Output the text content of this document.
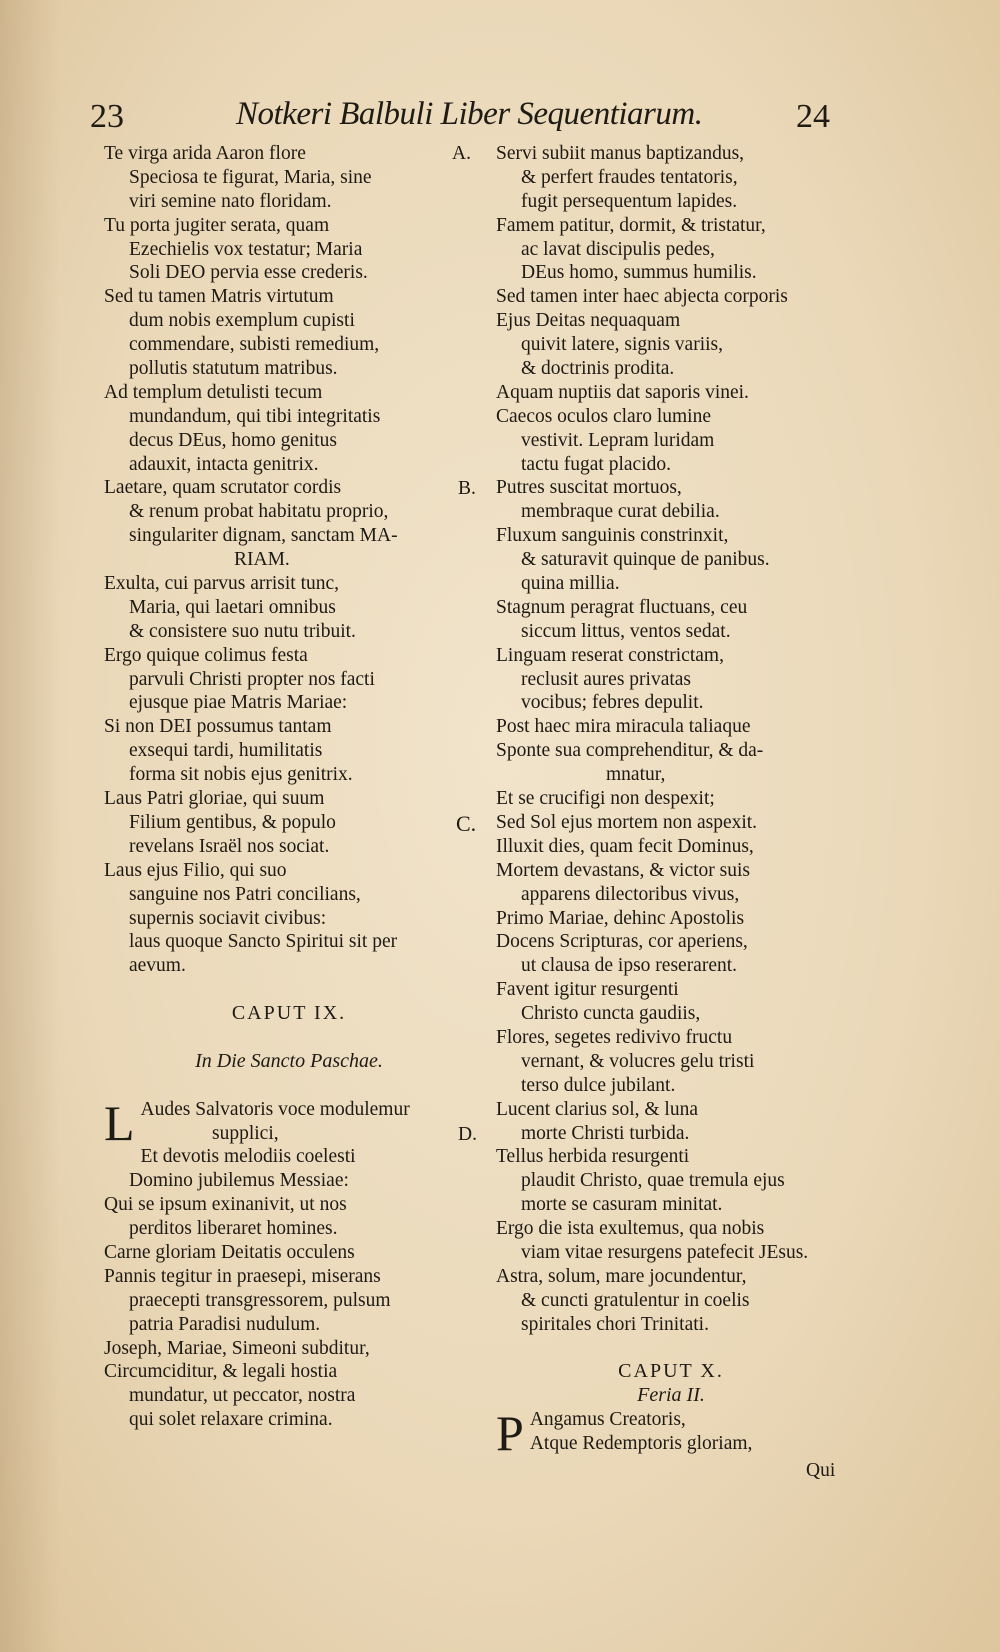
23	Notkeri Balbuli Liber Sequentiarum.	24
Te virga arida Aaron flore
Speciosa te figurat, Maria, sine
viri semine nato floridam.
Tu porta jugiter serata, quam
Ezechielis vox testatur; Maria
Soli DEO pervia esse crederis.
Sed tu tamen Matris virtutum
dum nobis exemplum cupisti
commendare, subisti remedium,
pollutis statutum matribus.
Ad templum detulisti tecum
mundandum, qui tibi integritatis
decus DEus, homo genitus
adauxit, intacta genitrix.
Laetare, quam scrutator cordis
& renum probat habitatu proprio,
singulariter dignam, sanctam MA-
RIAM.
Exulta, cui parvus arrisit tunc,
Maria, qui laetari omnibus
& consistere suo nutu tribuit.
Ergo quique colimus festa
parvuli Christi propter nos facti
ejusque piae Matris Mariae:
Si non DEI possumus tantam
exsequi tardi, humilitatis
forma sit nobis ejus genitrix.
Laus Patri gloriae, qui suum
Filium gentibus, & populo
revelans Israël nos sociat.
Laus ejus Filio, qui suo
sanguine nos Patri concilians,
supernis sociavit civibus:
laus quoque Sancto Spiritui sit per
aevum.
CAPUT IX.
In Die Sancto Paschae.
L Audes Salvatoris voce modulemur
supplici,
Et devotis melodiis coelesti
Domino jubilemus Messiae:
Qui se ipsum exinanivit, ut nos
perditos liberaret homines.
Carne gloriam Deitatis occulens
Pannis tegitur in praesepi, miserans
praecepti transgressorem, pulsum
patria Paradisi nudulum.
Joseph, Mariae, Simeoni subditur,
Circumciditur, & legali hostia
mundatur, ut peccator, nostra
qui solet relaxare crimina.
A.
B.
C.
D.
Servi subiit manus baptizandus,
& perfert fraudes tentatoris,
fugit persequentum lapides.
Famem patitur, dormit, & tristatur,
ac lavat discipulis pedes,
DEus homo, summus humilis.
Sed tamen inter haec abjecta corporis
Ejus Deitas nequaquam
quivit latere, signis variis,
& doctrinis prodita.
Aquam nuptiis dat saporis vinei.
Caecos oculos claro lumine
vestivit. Lepram luridam
tactu fugat placido.
Putres suscitat mortuos,
membraque curat debilia.
Fluxum sanguinis constrinxit,
& saturavit quinque de panibus.
quina millia.
Stagnum peragrat fluctuans, ceu
siccum littus, ventos sedat.
Linguam reserat constrictam,
reclusit aures privatas
vocibus; febres depulit.
Post haec mira miracula taliaque
Sponte sua comprehenditur, & da-
mnatur,
Et se crucifigi non despexit;
Sed Sol ejus mortem non aspexit.
Illuxit dies, quam fecit Dominus,
Mortem devastans, & victor suis
apparens dilectoribus vivus,
Primo Mariae, dehinc Apostolis
Docens Scripturas, cor aperiens,
ut clausa de ipso reserarent.
Favent igitur resurgenti
Christo cuncta gaudiis,
Flores, segetes redivivo fructu
vernant, & volucres gelu tristi
terso dulce jubilant.
Lucent clarius sol, & luna
morte Christi turbida.
Tellus herbida resurgenti
plaudit Christo, quae tremula ejus
morte se casuram minitat.
Ergo die ista exultemus, qua nobis
viam vitae resurgens patefecit JEsus.
Astra, solum, mare jocundentur,
& cuncti gratulentur in coelis
spiritales chori Trinitati.
CAPUT X.
Feria II.
P Angamus Creatoris,
Atque Redemptoris gloriam,
Qui
